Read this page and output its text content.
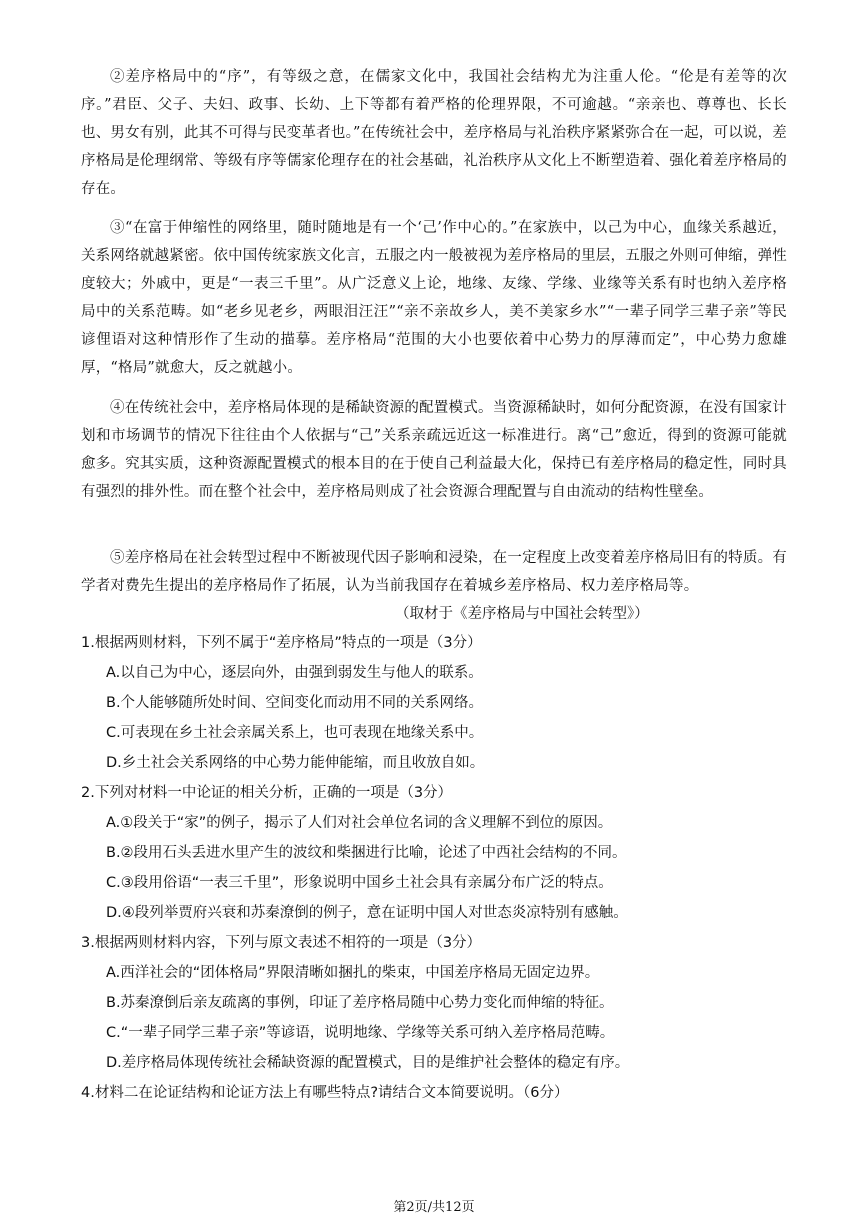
②差序格局中的“序”，有等级之意，在儒家文化中，我国社会结构尤为注重人伦。“伦是有差等的次序。”君臣、父子、夫妇、政事、长幼、上下等都有着严格的伦理界限，不可逾越。“亲亲也、尊尊也、长长也、男女有别，此其不可得与民变革者也。”在传统社会中，差序格局与礼治秩序紧紧弥合在一起，可以说，差序格局是伦理纲常、等级有序等儒家伦理存在的社会基础，礼治秩序从文化上不断塑造着、强化着差序格局的存在。
③“在富于伸缩性的网络里，随时随地是有一个‘己’作中心的。”在家族中，以己为中心，血缘关系越近，关系网络就越紧密。依中国传统家族文化言，五服之内一般被视为差序格局的里层，五服之外则可伸缩，弹性度较大；外戚中，更是“一表三千里”。从广泛意义上论，地缘、友缘、学缘、业缘等关系有时也纳入差序格局中的关系范畴。如“老乡见老乡，两眼泪汪汪”“亲不亲故乡人，美不美家乡水”“一辈子同学三辈子亲”等民谚俚语对这种情形作了生动的描摹。差序格局“范围的大小也要依着中心势力的厚薄而定”，中心势力愈雄厚，“格局”就愈大，反之就越小。
④在传统社会中，差序格局体现的是稀缺资源的配置模式。当资源稀缺时，如何分配资源，在没有国家计划和市场调节的情况下往往由个人依据与“己”关系亲疏远近这一标准进行。离“己”愈近，得到的资源可能就愈多。究其实质，这种资源配置模式的根本目的在于使自己利益最大化，保持已有差序格局的稳定性，同时具有强烈的排外性。而在整个社会中，差序格局则成了社会资源合理配置与自由流动的结构性壁垒。
⑤差序格局在社会转型过程中不断被现代因子影响和浸染，在一定程度上改变着差序格局旧有的特质。有学者对费先生提出的差序格局作了拓展，认为当前我国存在着城乡差序格局、权力差序格局等。
（取材于《差序格局与中国社会转型》）
1.根据两则材料，下列不属于“差序格局”特点的一项是（3分）
A.以自己为中心，逐层向外，由强到弱发生与他人的联系。
B.个人能够随所处时间、空间变化而动用不同的关系网络。
C.可表现在乡土社会亲属关系上，也可表现在地缘关系中。
D.乡土社会关系网络的中心势力能伸能缩，而且收放自如。
2.下列对材料一中论证的相关分析，正确的一项是（3分）
A.①段关于“家”的例子，揭示了人们对社会单位名词的含义理解不到位的原因。
B.②段用石头丢进水里产生的波纹和柴捆进行比喻，论述了中西社会结构的不同。
C.③段用俗语“一表三千里”，形象说明中国乡土社会具有亲属分布广泛的特点。
D.④段列举贾府兴衰和苏秦潦倒的例子，意在证明中国人对世态炎凉特别有感触。
3.根据两则材料内容，下列与原文表述不相符的一项是（3分）
A.西洋社会的“团体格局”界限清晰如捆扎的柴束，中国差序格局无固定边界。
B.苏秦潦倒后亲友疏离的事例，印证了差序格局随中心势力变化而伸缩的特征。
C.“一辈子同学三辈子亲”等谚语，说明地缘、学缘等关系可纳入差序格局范畴。
D.差序格局体现传统社会稀缺资源的配置模式，目的是维护社会整体的稳定有序。
4.材料二在论证结构和论证方法上有哪些特点?请结合文本简要说明。（6分）
第2页/共12页
